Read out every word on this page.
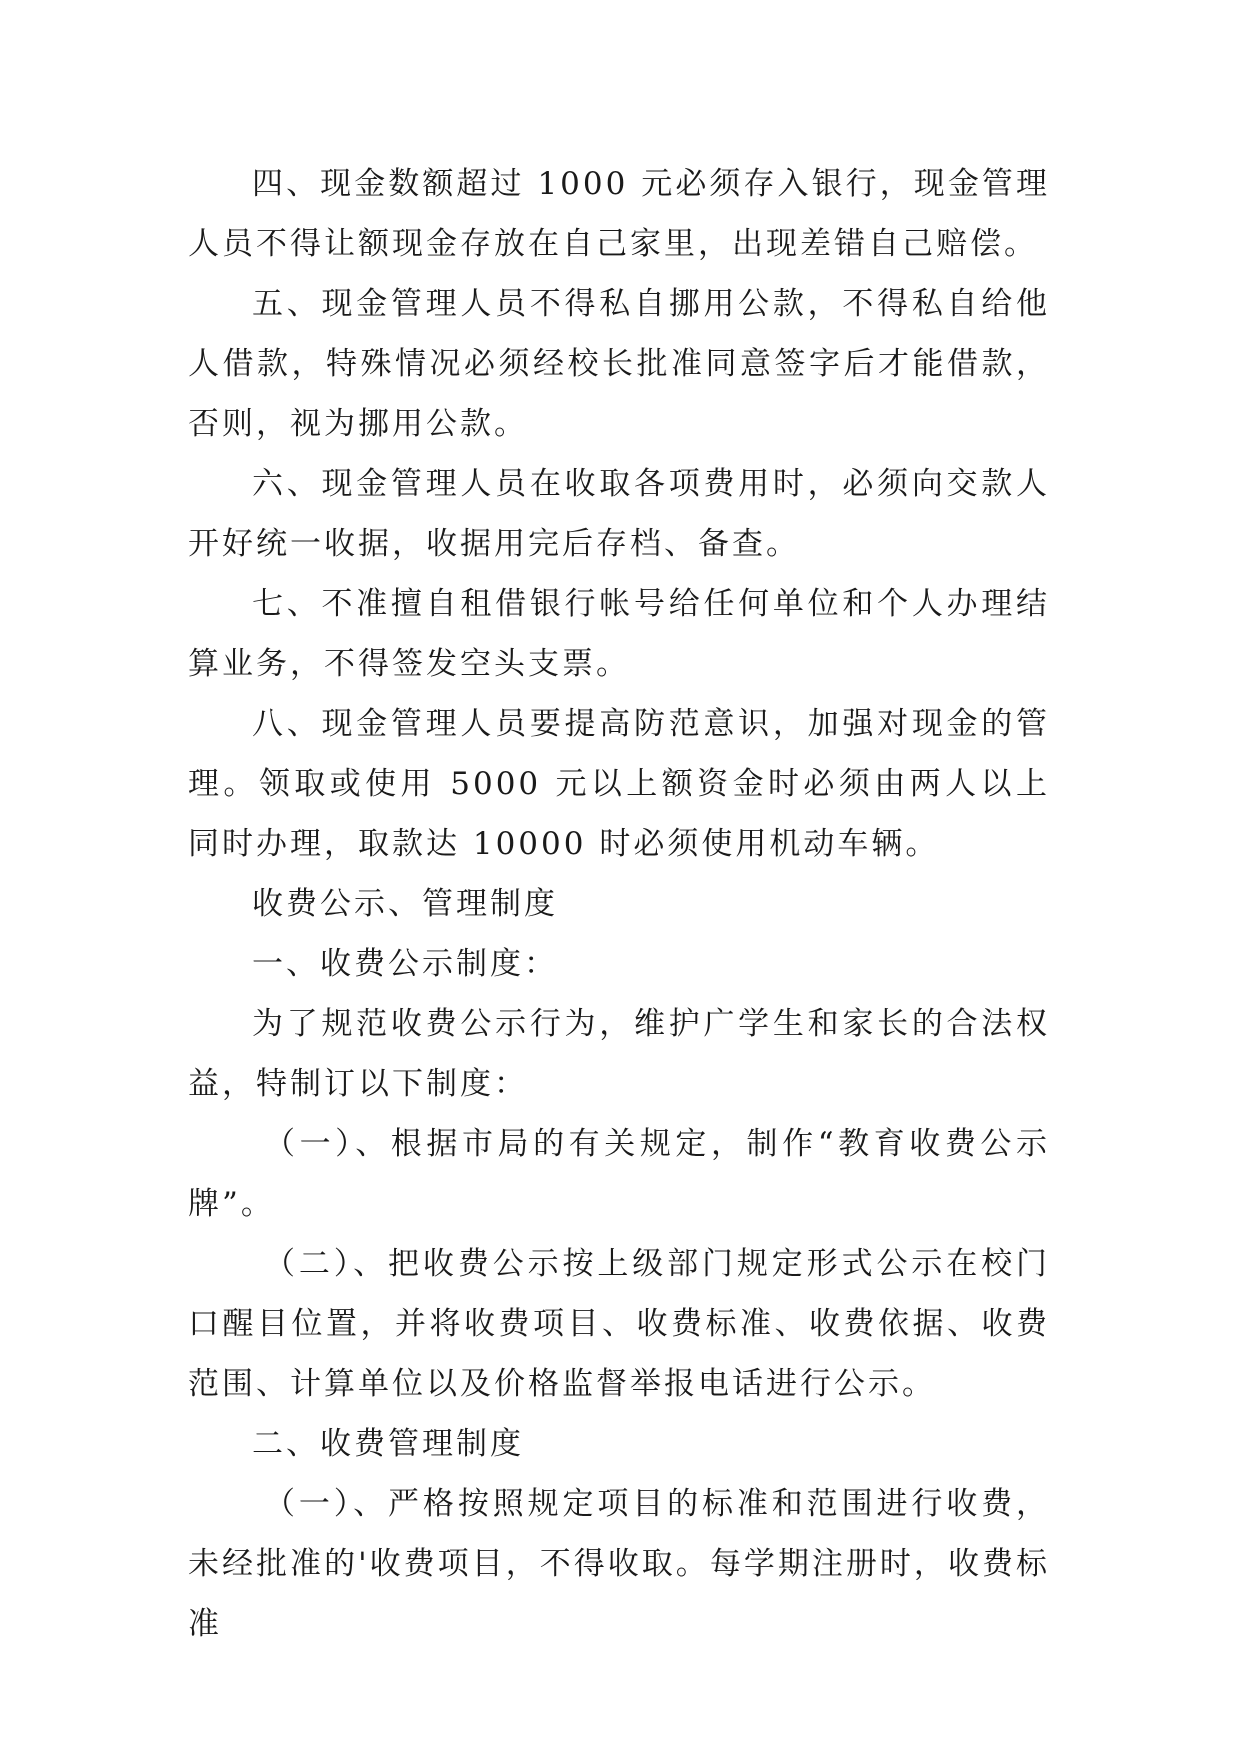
四、现金数额超过 1000 元必须存入银行，现金管理人员不得让额现金存放在自己家里，出现差错自己赔偿。

五、现金管理人员不得私自挪用公款，不得私自给他人借款，特殊情况必须经校长批准同意签字后才能借款，否则，视为挪用公款。

六、现金管理人员在收取各项费用时，必须向交款人开好统一收据，收据用完后存档、备查。

七、不准擅自租借银行帐号给任何单位和个人办理结算业务，不得签发空头支票。

八、现金管理人员要提高防范意识，加强对现金的管理。领取或使用 5000 元以上额资金时必须由两人以上同时办理，取款达 10000 时必须使用机动车辆。

收费公示、管理制度

一、收费公示制度：

为了规范收费公示行为，维护广学生和家长的合法权益，特制订以下制度：

（一）、根据市局的有关规定，制作“教育收费公示牌”。

（二）、把收费公示按上级部门规定形式公示在校门口醒目位置，并将收费项目、收费标准、收费依据、收费范围、计算单位以及价格监督举报电话进行公示。

二、收费管理制度

（一）、严格按照规定项目的标准和范围进行收费，未经批准的'收费项目，不得收取。每学期注册时，收费标准
